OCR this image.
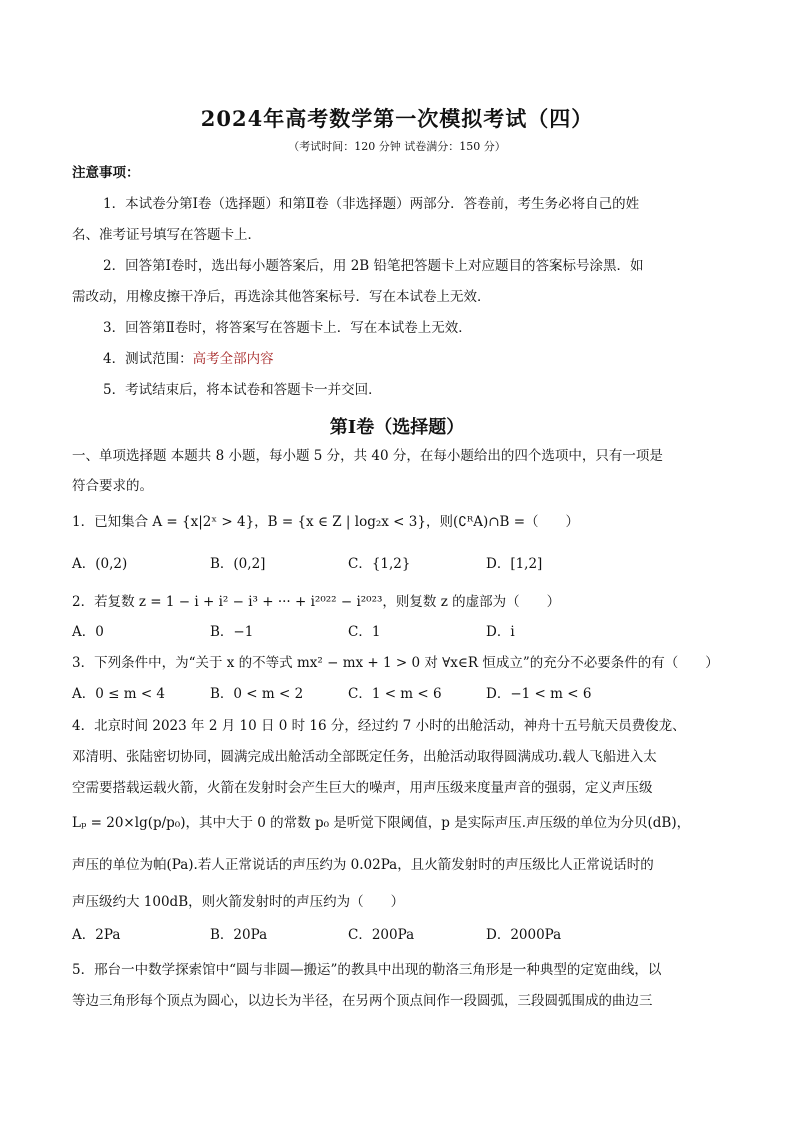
2024年高考数学第一次模拟考试（四）
（考试时间：120 分钟 试卷满分：150 分）
注意事项：
1．本试卷分第Ⅰ卷（选择题）和第Ⅱ卷（非选择题）两部分．答卷前，考生务必将自己的姓
名、准考证号填写在答题卡上．
2．回答第Ⅰ卷时，选出每小题答案后，用 2B 铅笔把答题卡上对应题目的答案标号涂黑．如
需改动，用橡皮擦干净后，再选涂其他答案标号．写在本试卷上无效．
3．回答第Ⅱ卷时，将答案写在答题卡上．写在本试卷上无效．
4．测试范围：高考全部内容
5．考试结束后，将本试卷和答题卡一并交回．
第Ⅰ卷（选择题）
一、单项选择题 本题共 8 小题，每小题 5 分，共 40 分，在每小题给出的四个选项中，只有一项是
符合要求的。
1．已知集合 A = {x|2ˣ > 4}，B = {x ∈ Z | log₂x < 3}，则(∁ᴿA)∩B =（　　）
A．(0,2)	B．(0,2]	C．{1,2}	D．[1,2]
2．若复数 z = 1 − i + i² − i³ + ··· + i²⁰²² − i²⁰²³，则复数 z 的虚部为（　　）
A．0	B．−1	C．1	D．i
3．下列条件中，为“关于 x 的不等式 mx² − mx + 1 > 0 对 ∀x∈R 恒成立”的充分不必要条件的有（　　）
A．0 ≤ m < 4	B．0 < m < 2	C．1 < m < 6	D．−1 < m < 6
4．北京时间 2023 年 2 月 10 日 0 时 16 分，经过约 7 小时的出舱活动，神舟十五号航天员费俊龙、
邓清明、张陆密切协同，圆满完成出舱活动全部既定任务，出舱活动取得圆满成功.载人飞船进入太
空需要搭载运载火箭，火箭在发射时会产生巨大的噪声，用声压级来度量声音的强弱，定义声压级
Lₚ = 20×lg(p/p₀)，其中大于 0 的常数 p₀ 是听觉下限阈值，p 是实际声压.声压级的单位为分贝(dB)，
声压的单位为帕(Pa).若人正常说话的声压约为 0.02Pa，且火箭发射时的声压级比人正常说话时的
声压级约大 100dB，则火箭发射时的声压约为（　　）
A．2Pa	B．20Pa	C．200Pa	D．2000Pa
5．邢台一中数学探索馆中“圆与非圆—搬运”的教具中出现的勒洛三角形是一种典型的定宽曲线，以
等边三角形每个顶点为圆心，以边长为半径，在另两个顶点间作一段圆弧，三段圆弧围成的曲边三
